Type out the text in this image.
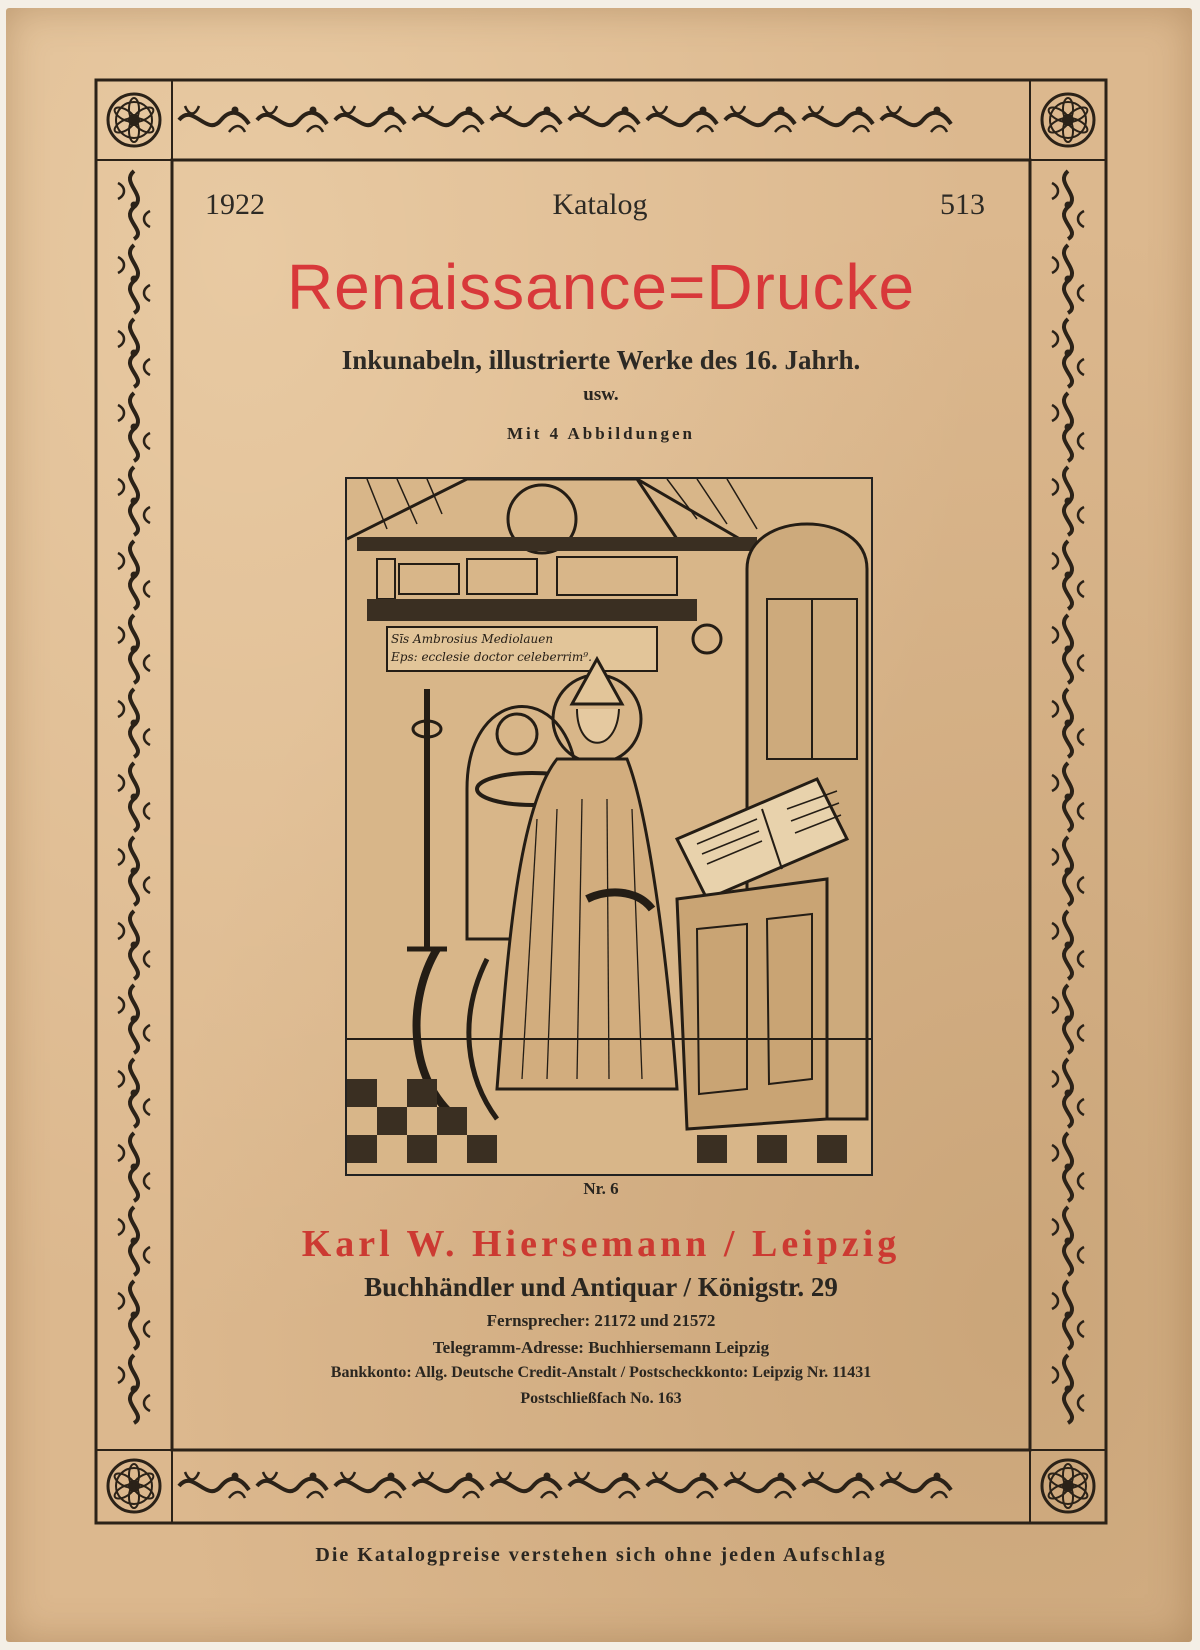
1922	Katalog	513
Renaissance=Drucke
Inkunabeln, illustrierte Werke des 16. Jahrh.
usw.
Mit 4 Abbildungen
Sīs Ambrosius Mediolauen
Eps: ecclesie doctor celeberrim⁹.
Nr. 6
Karl W. Hiersemann / Leipzig
Buchhändler und Antiquar / Königstr. 29
Fernsprecher: 21172 und 21572
Telegramm-Adresse: Buchhiersemann Leipzig
Bankkonto: Allg. Deutsche Credit-Anstalt / Postscheckkonto: Leipzig Nr. 11431
Postschließfach No. 163
Die Katalogpreise verstehen sich ohne jeden Aufschlag
